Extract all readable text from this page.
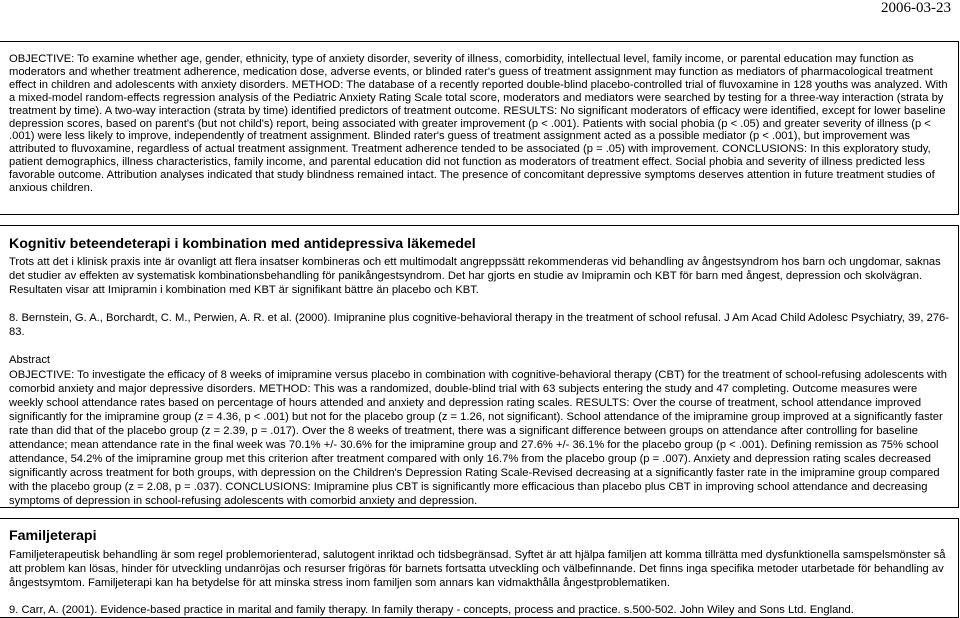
2006-03-23

OBJECTIVE: To examine whether age, gender, ethnicity, type of anxiety disorder, severity of illness, comorbidity, intellectual level, family income, or parental education may function as moderators and whether treatment adherence, medication dose, adverse events, or blinded rater's guess of treatment assignment may function as mediators of pharmacological treatment effect in children and adolescents with anxiety disorders. METHOD: The database of a recently reported double-blind placebo-controlled trial of fluvoxamine in 128 youths was analyzed. With a mixed-model random-effects regression analysis of the Pediatric Anxiety Rating Scale total score, moderators and mediators were searched by testing for a three-way interaction (strata by treatment by time). A two-way interaction (strata by time) identified predictors of treatment outcome. RESULTS: No significant moderators of efficacy were identified, except for lower baseline depression scores, based on parent's (but not child's) report, being associated with greater improvement (p < .001). Patients with social phobia (p < .05) and greater severity of illness (p < .001) were less likely to improve, independently of treatment assignment. Blinded rater's guess of treatment assignment acted as a possible mediator (p < .001), but improvement was attributed to fluvoxamine, regardless of actual treatment assignment. Treatment adherence tended to be associated (p = .05) with improvement. CONCLUSIONS: In this exploratory study, patient demographics, illness characteristics, family income, and parental education did not function as moderators of treatment effect. Social phobia and severity of illness predicted less favorable outcome. Attribution analyses indicated that study blindness remained intact. The presence of concomitant depressive symptoms deserves attention in future treatment studies of anxious children.

Kognitiv beteendeterapi i kombination med antidepressiva läkemedel
Trots att det i klinisk praxis inte är ovanligt att flera insatser kombineras och ett multimodalt angreppssätt rekommenderas vid behandling av ångestsyndrom hos barn och ungdomar, saknas det studier av effekten av systematisk kombinationsbehandling för panikångestsyndrom. Det har gjorts en studie av Imipramin och KBT för barn med ångest, depression och skolvägran. Resultaten visar att Imipramin i kombination med KBT är signifikant bättre än placebo och KBT.
8. Bernstein, G. A., Borchardt, C. M., Perwien, A. R. et al. (2000). Imipranine plus cognitive-behavioral therapy in the treatment of school refusal. J Am Acad Child Adolesc Psychiatry, 39, 276-83.
Abstract
OBJECTIVE: To investigate the efficacy of 8 weeks of imipramine versus placebo in combination with cognitive-behavioral therapy (CBT) for the treatment of school-refusing adolescents with comorbid anxiety and major depressive disorders. METHOD: This was a randomized, double-blind trial with 63 subjects entering the study and 47 completing. Outcome measures were weekly school attendance rates based on percentage of hours attended and anxiety and depression rating scales. RESULTS: Over the course of treatment, school attendance improved significantly for the imipramine group (z = 4.36, p < .001) but not for the placebo group (z = 1.26, not significant). School attendance of the imipramine group improved at a significantly faster rate than did that of the placebo group (z = 2.39, p = .017). Over the 8 weeks of treatment, there was a significant difference between groups on attendance after controlling for baseline attendance; mean attendance rate in the final week was 70.1% +/- 30.6% for the imipramine group and 27.6% +/- 36.1% for the placebo group (p < .001). Defining remission as 75% school attendance, 54.2% of the imipramine group met this criterion after treatment compared with only 16.7% from the placebo group (p = .007). Anxiety and depression rating scales decreased significantly across treatment for both groups, with depression on the Children's Depression Rating Scale-Revised decreasing at a significantly faster rate in the imipramine group compared with the placebo group (z = 2.08, p = .037). CONCLUSIONS: Imipramine plus CBT is significantly more efficacious than placebo plus CBT in improving school attendance and decreasing symptoms of depression in school-refusing adolescents with comorbid anxiety and depression.
Familjeterapi
Familjeterapeutisk behandling är som regel problemorienterad, salutogent inriktad och tidsbegränsad. Syftet är att hjälpa familjen att komma tillrätta med dysfunktionella samspelsmönster så att problem kan lösas, hinder för utveckling undanröjas och resurser frigöras för barnets fortsatta utveckling och välbefinnande. Det finns inga specifika metoder utarbetade för behandling av ångestsymtom. Familjeterapi kan ha betydelse för att minska stress inom familjen som annars kan vidmakthålla ångestproblematiken.
9. Carr, A. (2001). Evidence-based practice in marital and family therapy. In family therapy - concepts, process and practice. s.500-502. John Wiley and Sons Ltd. England.
